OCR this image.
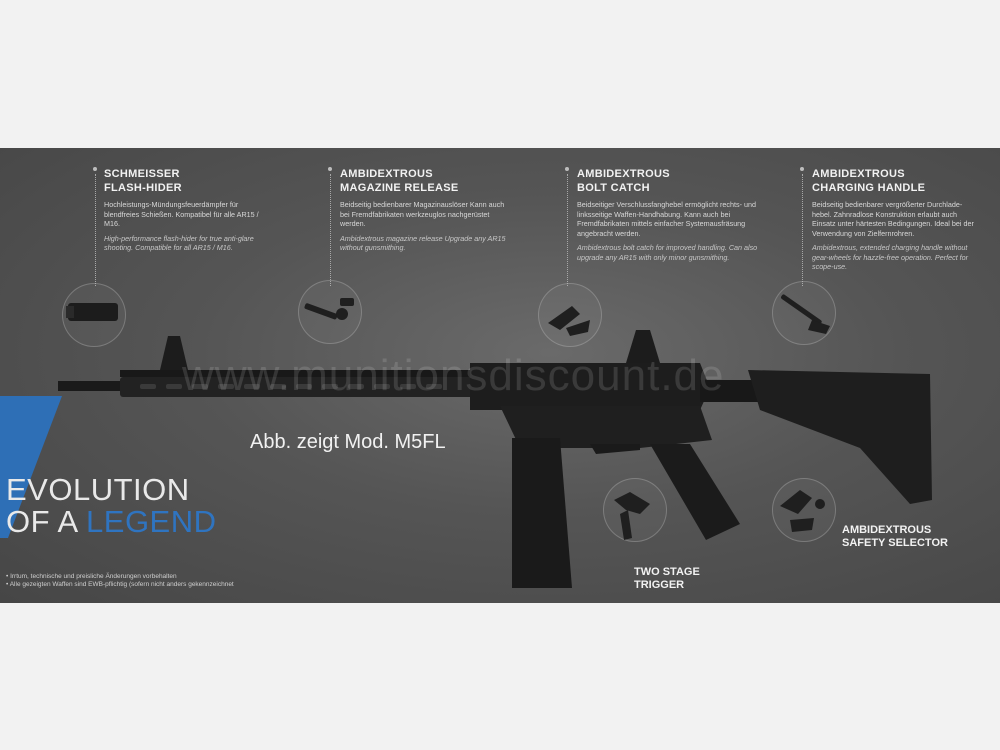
SCHMEISSER
FLASH-HIDER
Hochleistungs-Mündungsfeuerdämpfer für blendfreies Schießen. Kompatibel für alle AR15 / M16.
High-performance flash-hider for true anti-glare shooting. Compatible for all AR15 / M16.
AMBIDEXTROUS
MAGAZINE RELEASE
Beidseitig bedienbarer Magazinauslöser Kann auch bei Fremdfabrikaten werkzeuglos nachgerüstet werden.
Ambidextrous magazine release Upgrade any AR15 without gunsmithing.
AMBIDEXTROUS
BOLT CATCH
Beidseitiger Verschlussfanghebel ermöglicht rechts- und linksseitige Waffen-Handhabung. Kann auch bei Fremdfabrikaten mittels einfacher Systemausfräsung angebracht werden.
Ambidextrous bolt catch for improved handling. Can also upgrade any AR15 with only minor gunsmithing.
AMBIDEXTROUS
CHARGING HANDLE
Beidseitig bedienbarer vergrößerter Durchlade-hebel. Zahnradlose Konstruktion erlaubt auch Einsatz unter härtesten Bedingungen. Ideal bei der Verwendung von Zielfernrohren.
Ambidextrous, extended charging handle without gear-wheels for hazzle-free operation. Perfect for scope-use.
www.munitionsdiscount.de
Abb. zeigt Mod. M5FL
EVOLUTION
OF A LEGEND
• Irrtum, technische und preisliche Änderungen vorbehalten
• Alle gezeigten Waffen sind EWB-pflichtig (sofern nicht anders gekennzeichnet
TWO STAGE
TRIGGER
AMBIDEXTROUS
SAFETY SELECTOR
